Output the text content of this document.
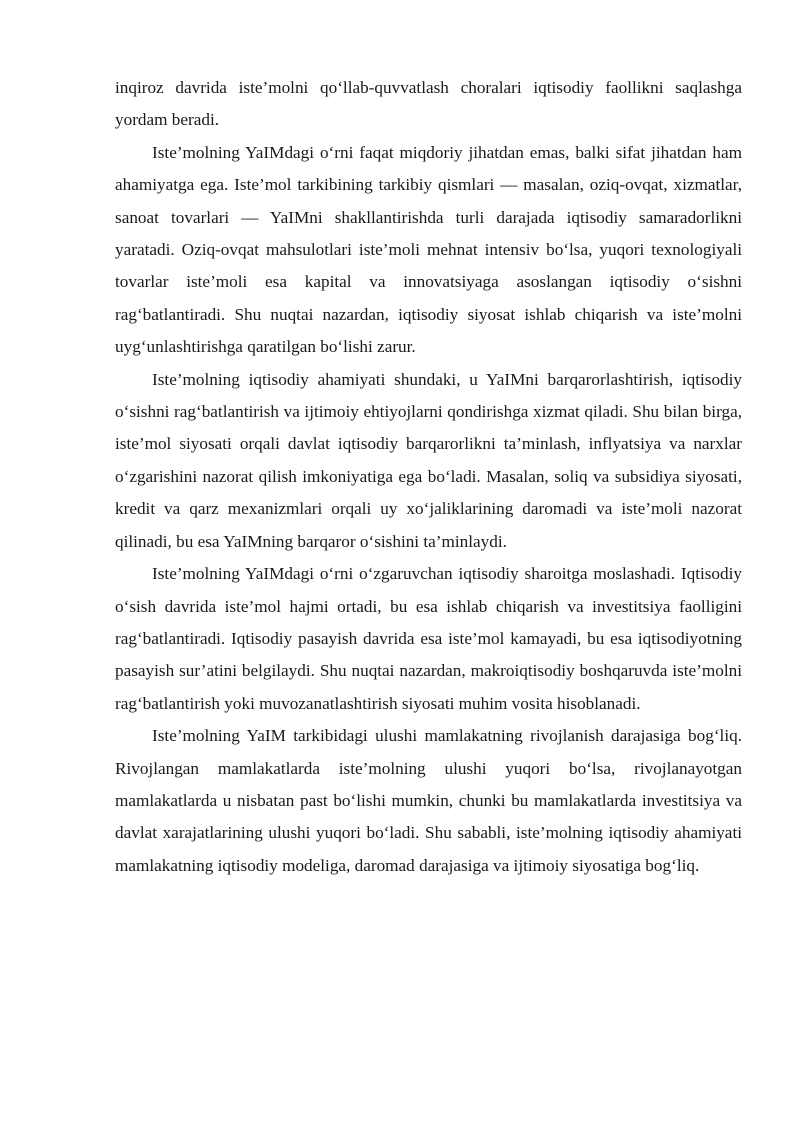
inqiroz davrida iste’molni qo‘llab-quvvatlash choralari iqtisodiy faollikni saqlashga yordam beradi.

Iste’molning YaIMdagi o‘rni faqat miqdoriy jihatdan emas, balki sifat jihatdan ham ahamiyatga ega. Iste’mol tarkibining tarkibiy qismlari — masalan, oziq-ovqat, xizmatlar, sanoat tovarlari — YaIMni shakllantirishda turli darajada iqtisodiy samaradorlikni yaratadi. Oziq-ovqat mahsulotlari iste’moli mehnat intensiv bo‘lsa, yuqori texnologiyali tovarlar iste’moli esa kapital va innovatsiyaga asoslangan iqtisodiy o‘sishni rag‘batlantiradi. Shu nuqtai nazardan, iqtisodiy siyosat ishlab chiqarish va iste’molni uyg‘unlashtirishga qaratilgan bo‘lishi zarur.

Iste’molning iqtisodiy ahamiyati shundaki, u YaIMni barqarorlashtirish, iqtisodiy o‘sishni rag‘batlantirish va ijtimoiy ehtiyojlarni qondirishga xizmat qiladi. Shu bilan birga, iste’mol siyosati orqali davlat iqtisodiy barqarorlikni ta’minlash, inflyatsiya va narxlar o‘zgarishini nazorat qilish imkoniyatiga ega bo‘ladi. Masalan, soliq va subsidiya siyosati, kredit va qarz mexanizmlari orqali uy xo‘jaliklarining daromadi va iste’moli nazorat qilinadi, bu esa YaIMning barqaror o‘sishini ta’minlaydi.

Iste’molning YaIMdagi o‘rni o‘zgaruvchan iqtisodiy sharoitga moslashadi. Iqtisodiy o‘sish davrida iste’mol hajmi ortadi, bu esa ishlab chiqarish va investitsiya faolligini rag‘batlantiradi. Iqtisodiy pasayish davrida esa iste’mol kamayadi, bu esa iqtisodiyotning pasayish sur’atini belgilaydi. Shu nuqtai nazardan, makroiqtisodiy boshqaruvda iste’molni rag‘batlantirish yoki muvozanatlashtirish siyosati muhim vosita hisoblanadi.

Iste’molning YaIM tarkibidagi ulushi mamlakatning rivojlanish darajasiga bog‘liq. Rivojlangan mamlakatlarda iste’molning ulushi yuqori bo‘lsa, rivojlanayotgan mamlakatlarda u nisbatan past bo‘lishi mumkin, chunki bu mamlakatlarda investitsiya va davlat xarajatlarining ulushi yuqori bo‘ladi. Shu sababli, iste’molning iqtisodiy ahamiyati mamlakatning iqtisodiy modeliga, daromad darajasiga va ijtimoiy siyosatiga bog‘liq.
